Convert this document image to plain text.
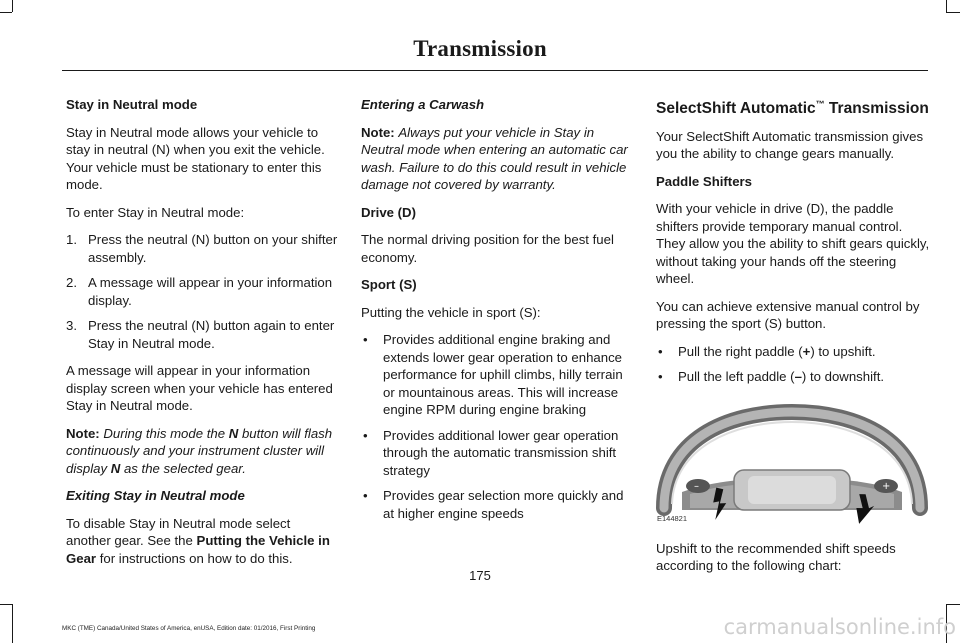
Transmission

Stay in Neutral mode

Stay in Neutral mode allows your vehicle to stay in neutral (N) when you exit the vehicle. Your vehicle must be stationary to enter this mode.

To enter Stay in Neutral mode:

1. Press the neutral (N) button on your shifter assembly.
2. A message will appear in your information display.
3. Press the neutral (N) button again to enter Stay in Neutral mode.

A message will appear in your information display screen when your vehicle has entered Stay in Neutral mode.

Note: During this mode the N button will flash continuously and your instrument cluster will display N as the selected gear.

Exiting Stay in Neutral mode

To disable Stay in Neutral mode select another gear. See the Putting the Vehicle in Gear for instructions on how to do this.

Entering a Carwash

Note: Always put your vehicle in Stay in Neutral mode when entering an automatic car wash. Failure to do this could result in vehicle damage not covered by warranty.

Drive (D)

The normal driving position for the best fuel economy.

Sport (S)

Putting the vehicle in sport (S):

• Provides additional engine braking and extends lower gear operation to enhance performance for uphill climbs, hilly terrain or mountainous areas. This will increase engine RPM during engine braking
• Provides additional lower gear operation through the automatic transmission shift strategy
• Provides gear selection more quickly and at higher engine speeds

SelectShift Automatic™ Transmission

Your SelectShift Automatic transmission gives you the ability to change gears manually.

Paddle Shifters

With your vehicle in drive (D), the paddle shifters provide temporary manual control. They allow you the ability to shift gears quickly, without taking your hands off the steering wheel.

You can achieve extensive manual control by pressing the sport (S) button.

• Pull the right paddle (+) to upshift.
• Pull the left paddle (–) to downshift.
–	+
E144821

Upshift to the recommended shift speeds according to the following chart:

175
MKC (TME) Canada/United States of America, enUSA, Edition date: 01/2016, First Printing	carmanualsonline.info
